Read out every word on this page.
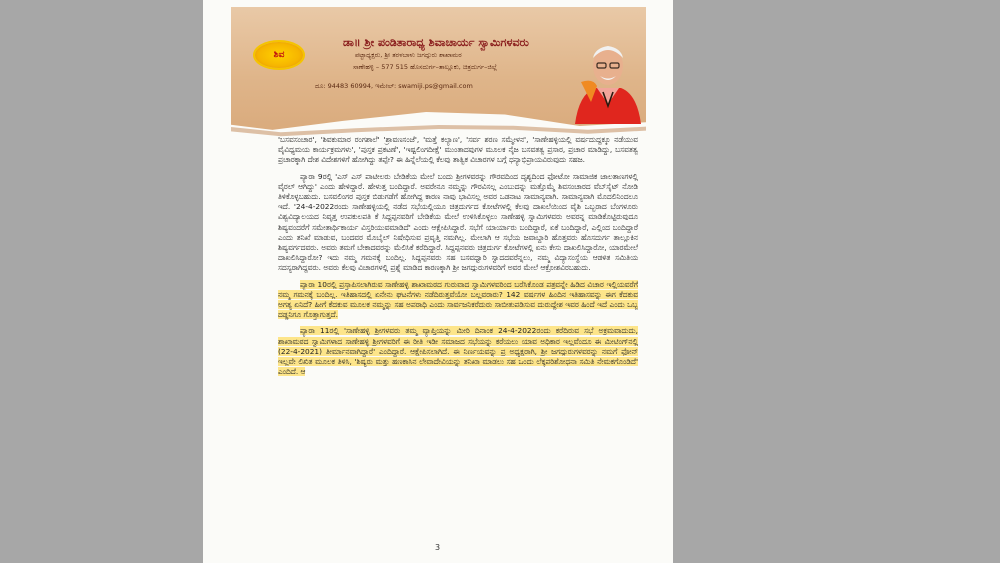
ಶಿವ
ಡಾ॥ ಶ್ರೀ ಪಂಡಿತಾರಾಧ್ಯ ಶಿವಾಚಾರ್ಯ ಸ್ವಾಮಿಗಳವರು
ಪಟ್ಟಾಧ್ಯಕ್ಷರು, ಶ್ರೀ ತರಳಬಾಳು ಜಗದ್ಗುರು ಶಾಖಾಮಠ
ಸಾಣೇಹಳ್ಳಿ – 577 515 ಹೊಸದುರ್ಗ–ತಾಲ್ಲೂಕು, ಚಿತ್ರದುರ್ಗ–ಜಿಲ್ಲೆ
ದೂ: 94483 60994, ಇಮೇಲ್: swamiji.ps@gmail.com

'ಬಸವಸಂಚಾರ', 'ಶಿವಕುಮಾರ ರಂಗಶಾಲೆ' 'ಶ್ರಾವಣಸಂಜೆ', 'ಮತ್ತೆ ಕಲ್ಯಾಣ', 'ಸರ್ವ ಶರಣ ಸಮ್ಮೇಳನ', 'ಸಾಣೇಹಳ್ಳಿಯಲ್ಲಿ ವರ್ಷದುದ್ದಕ್ಕೂ ನಡೆಯುವ ವೈವಿಧ್ಯಮಯ ಕಾರ್ಯಕ್ರಮಗಳು', 'ಪುಸ್ತಕ ಪ್ರಕಟಣೆ', 'ಇಷ್ಟಲಿಂಗದೀಕ್ಷೆ' ಮುಂತಾದವುಗಳ ಮೂಲಕ ನೈಜ ಬಸವತತ್ವ ಪ್ರಸಾರ, ಪ್ರಚಾರ ಮಾಡಿದ್ದು, ಬಸವತತ್ವ ಪ್ರಚಾರಕ್ಕಾಗಿ ದೇಶ ವಿದೇಶಗಳಿಗೆ ಹೋಗಿದ್ದು ತಪ್ಪೇ? ಈ ಹಿನ್ನೆಲೆಯಲ್ಲಿ ಕೆಲವು ತಾತ್ವಿಕ ವಿಚಾರಗಳ ಬಗ್ಗೆ ಧನ್ಯಾಭಿಪ್ರಾಯವಿರುವುದು ಸಹಜ.

ಪ್ಯಾರಾ 9ರಲ್ಲಿ 'ಎಸ್ ಎಸ್ ಪಾಟೀಲರು ಬೇಡಿಕೆಯ ಮೇಲೆ ಬಂದು ಶ್ರೀಗಳವರನ್ನು ಗೌರವದಿಂದ ದೃಶ್ಯದಿಂದ ಫೋಟೋ ಸಾಮಾಜಿಕ ಜಾಲತಾಣಗಳಲ್ಲಿ ವೈರಲ್ ಆಗಿದ್ದು' ಎಂದು ಹೇಳಿದ್ದಾರೆ. ಹೇಳುತ್ತ ಬಂದಿದ್ದಾರೆ. ಅವರೇನೂ ನಮ್ಮನ್ನು ಗೌರವಿಸಲ್ಲ ಎಂಬುದನ್ನು ಮತ್ತೊಮ್ಮೆ ಶಿವಸಂಚಾರದ ವೆಬ್‌ಸೈಟ್ ನೋಡಿ ತಿಳಿಕೊಳ್ಳಬಹುದು. ಬಸವಲಿಂಗರ ಪುಸ್ತಕ ಬಿಡುಗಡೆಗೆ ಹೋಗಿದ್ದ ಕಾರಣ ನಾವು ಭಾವಿಸಲ್ಲ ಅವರ ಒಡನಾಟ ಸಾಮಾನ್ಯವಾಗಿ. ಸಾಮಾನ್ಯವಾಗಿ ಮೊದಲಿನಿಂದಲೂ ಇದೆ. '24-4-2022ರಂದು ಸಾಣೇಹಳ್ಳಿಯಲ್ಲಿ ನಡೆದ ಸಭೆಯಲ್ಲಿಯೂ ಚಿತ್ರದುರ್ಗದ ಕೋಟೆಗಳಲ್ಲಿ ಕೆಲವು ದಾಖಲೆಯಿಂದ ವೈಶಿ ಒಬ್ಬರಾದ ಬೆಂಗಳೂರು ವಿಶ್ವವಿದ್ಯಾಲಯದ ನಿವೃತ್ತ ಉಪಕುಲಪತಿ ಕೆ ಸಿದ್ದಪ್ಪನವರಿಗೆ ಬೇಡಿಕೆಯ ಮೇಲೆ ಉಳಿಸಿಕೊಳ್ಳಲು ಸಾಣೇಹಳ್ಳಿ ಸ್ವಾಮಿಗಳವರು ಅವರನ್ನ ಮಾಡಿಕೊಟ್ಟಿರುವುದೂ ಶಿಷ್ಯವಂದರೆಗೆ ಸಮೇತಾರ್ಥಿಕಾರ್ಯ ವಿಸ್ತರಿಯುವಮಾಡಿದೆ' ಎಂದು ಆಕ್ಷೇಪಿಸಿದ್ದಾರೆ. ಸಭೆಗೆ ಯಾರ್ಯಾರು ಬಂದಿದ್ದಾರೆ, ಏಕೆ ಬಂದಿದ್ದಾರೆ, ಎಲ್ಲಿಂದ ಬಂದಿದ್ದಾರೆ ಎಂದು ತನಿಖೆ ಮಾಡುವ, ಬಂದವರ ಮೊಬೈಲ್ ನಿಷೇಧಿಸುವ ಪ್ರವೃತ್ತಿ ನಮಗಿಲ್ಲ. ಮೇಲಾಗಿ ಆ ಸಭೆಯ ಜವಾಬ್ದಾರಿ ಹೊತ್ತವರು ಹೊಸದುರ್ಗ ತಾಲ್ಲೂಕಿನ ಶಿಷ್ಯವರ್ಗದವರು. ಅವರು ತಮಗೆ ಬೇಕಾದವರನ್ನು ಮೆಲಿಸಿಕೆ ಕರೆದಿದ್ದಾರೆ. ಸಿದ್ದಪ್ಪನವರು ಚಿತ್ರದುರ್ಗ ಕೋಟೆಗಳಲ್ಲಿ ಏನು ಕೇಸು ದಾಖಲಿಸಿದ್ದಾರೋ, ಯಾರಮೇಲೆ ದಾಖಲಿಸಿದ್ದಾರೋ? ಇದು ನಮ್ಮ ಗಮನಕ್ಕೆ ಬಂದಿಲ್ಲ. ಸಿದ್ದಪ್ಪನವರು ಸಹ ಬಸವಧ್ವಾರಿ ಸ್ವಾದದವರೆನ್ನಲು, ನಮ್ಮ ವಿದ್ಯಾಸಂಸ್ಥೆಯ ಆಡಳಿತ ಸಮಿತಿಯ ಸದಸ್ಯರಾಗಿದ್ದವರು. ಅವರು ಕೆಲವು ವಿಚಾರಗಳಲ್ಲಿ ಪ್ರಶ್ನೆ ಮಾಡಿದ ಕಾರಣಕ್ಕಾಗಿ ಶ್ರೀ ಜಗದ್ಗುರುಗಳವರಿಗೆ ಅವರ ಮೇಲೆ ಆಕ್ರೋಶವಿರಬಹುದು.

ಪ್ಯಾರಾ 10ರಲ್ಲಿ ಪ್ರಸ್ತಾಪಿಸಲಾಗಿರುವ ಸಾಣೇಹಳ್ಳಿ ಶಾಖಾಮಠದ ಗುರುವಾದ ಸ್ವಾಮಿಗಳವರಿಂದ ಬರೆಸಿಕೊಂಡ ಪತ್ರವನ್ನೇ ಹಿಡಿದ ವಿಚಾರ ಇಲ್ಲಿಯವರೆಗೆ ನಮ್ಮ ಗಮನಕ್ಕೆ ಬಂದಿಲ್ಲ. ಇತಿಹಾಸದಲ್ಲಿ ಏನೇನು ಘಟನೆಗಳು ನಡೆದಿರುತ್ತವೆಯೋ ಬಲ್ಲವರಾರು? 142 ವರ್ಷಗಳ ಹಿಂದಿನ ಇತಿಹಾಸವನ್ನು ಈಗ ಕೆದಕುವ ಅಗತ್ಯ ಏನಿದೆ? ಹೀಗೆ ಕೆದಕುವ ಮೂಲಕ ನಮ್ಮನ್ನು ಸಹ ಅಪರಾಧಿ ಎಂದು ಸಾರ್ವಜನಿಕರೆದುರು ಸಾಬೀತುಪಡಿಸುವ ದುರುದ್ದೇಶ ಇವರ ಹಿಂದೆ ಇದೆ ಎಂದು ಒಬ್ಬ ದಡ್ಡನಿಗೂ ಗೊತ್ತಾಗುತ್ತದೆ.

ಪ್ಯಾರಾ 11ರಲ್ಲಿ 'ಸಾಣೇಹಳ್ಳಿ ಶ್ರೀಗಳವರು ತಮ್ಮ ವ್ಯಾಪ್ತಿಯನ್ನು ಮೀರಿ ದಿನಾಂಕ 24-4-2022ರಂದು ಕರೆದಿರುವ ಸಭೆ ಅಕ್ರಮವಾದುದು, ಶಾಖಾಮಠದ ಸ್ವಾಮಿಗಳಾದ ಸಾಣೇಹಳ್ಳಿ ಶ್ರೀಗಳವರಿಗೆ ಈ ರೀತಿ ಇಡೀ ಸಮಾಜದ ಸಭೆಯನ್ನು ಕರೆಯಲು ಯಾವ ಅಧಿಕಾರ ಇಲ್ಲವೆಂದೂ ಈ ಮೀಟಿಂಗ್‌ನಲ್ಲಿ (22-4-2021) ತೀರ್ಮಾನವಾಗಿದ್ದಾರೆ' ಎಂದಿದ್ದಾರೆ. ಆಕ್ಷೇಪಿಸಲಾಗಿದೆ. ಈ ನಿರ್ಣಯವನ್ನು ಪ್ರ ಅಧ್ಯಕ್ಷರಾಗಿ, ಶ್ರೀ ಜಗದ್ಗುರುಗಳವರನ್ನು ನಮಗೆ ಫೋನ್ ಇಲ್ಲವೇ ಲಿಖಿತ ಮೂಲಕ ತಿಳಿಸಿ, 'ಶಿಷ್ಯರು ಮತ್ತು ಹಣಕಾಸಿನ ಲೇವಾದೇವಿಯನ್ನು ತನಿಖಾ ಮಾಡಲು ಸಹ ಒಂದು ಲೆಕ್ಕಪರಿಶೋಧನಾ ಸಮಿತಿ ನೇಮಕಗೊಂಡಿದೆ' ಎಂದಿದೆ. ಆ

3
